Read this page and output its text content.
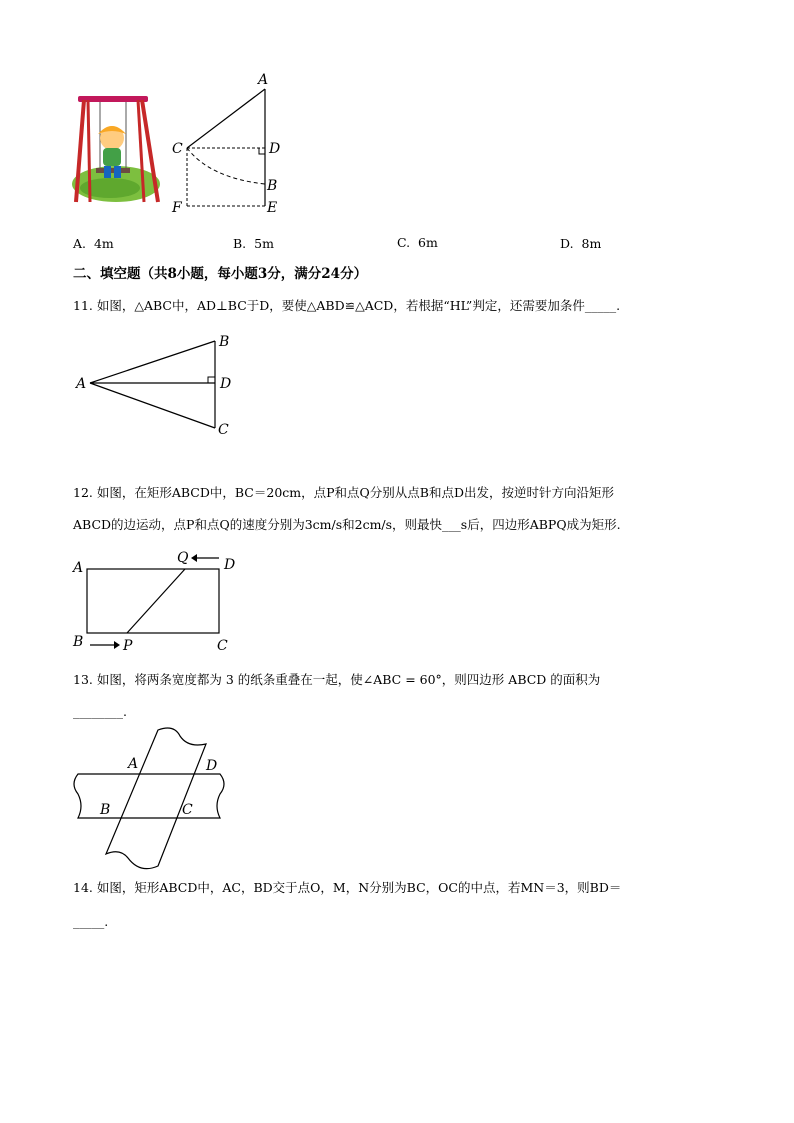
A
C	D
B
F	E
A. 4m	B. 5m	C. 6m	D. 8m
二、填空题（共8小题，每小题3分，满分24分）
11. 如图，△ABC中，AD⊥BC于D，要使△ABD≌△ACD，若根据“HL”判定，还需要加条件_____.
A
B
D
C
12. 如图，在矩形ABCD中，BC＝20cm，点P和点Q分别从点B和点D出发，按逆时针方向沿矩形
ABCD的边运动，点P和点Q的速度分别为3cm/s和2cm/s，则最快___s后，四边形ABPQ成为矩形.
A
Q	D
B	P	C
13. 如图，将两条宽度都为 3 的纸条重叠在一起，使∠ABC = 60°，则四边形 ABCD 的面积为
________.
A	D
B	C
14. 如图，矩形ABCD中，AC，BD交于点O，M，N分别为BC，OC的中点，若MN＝3，则BD＝
_____.
